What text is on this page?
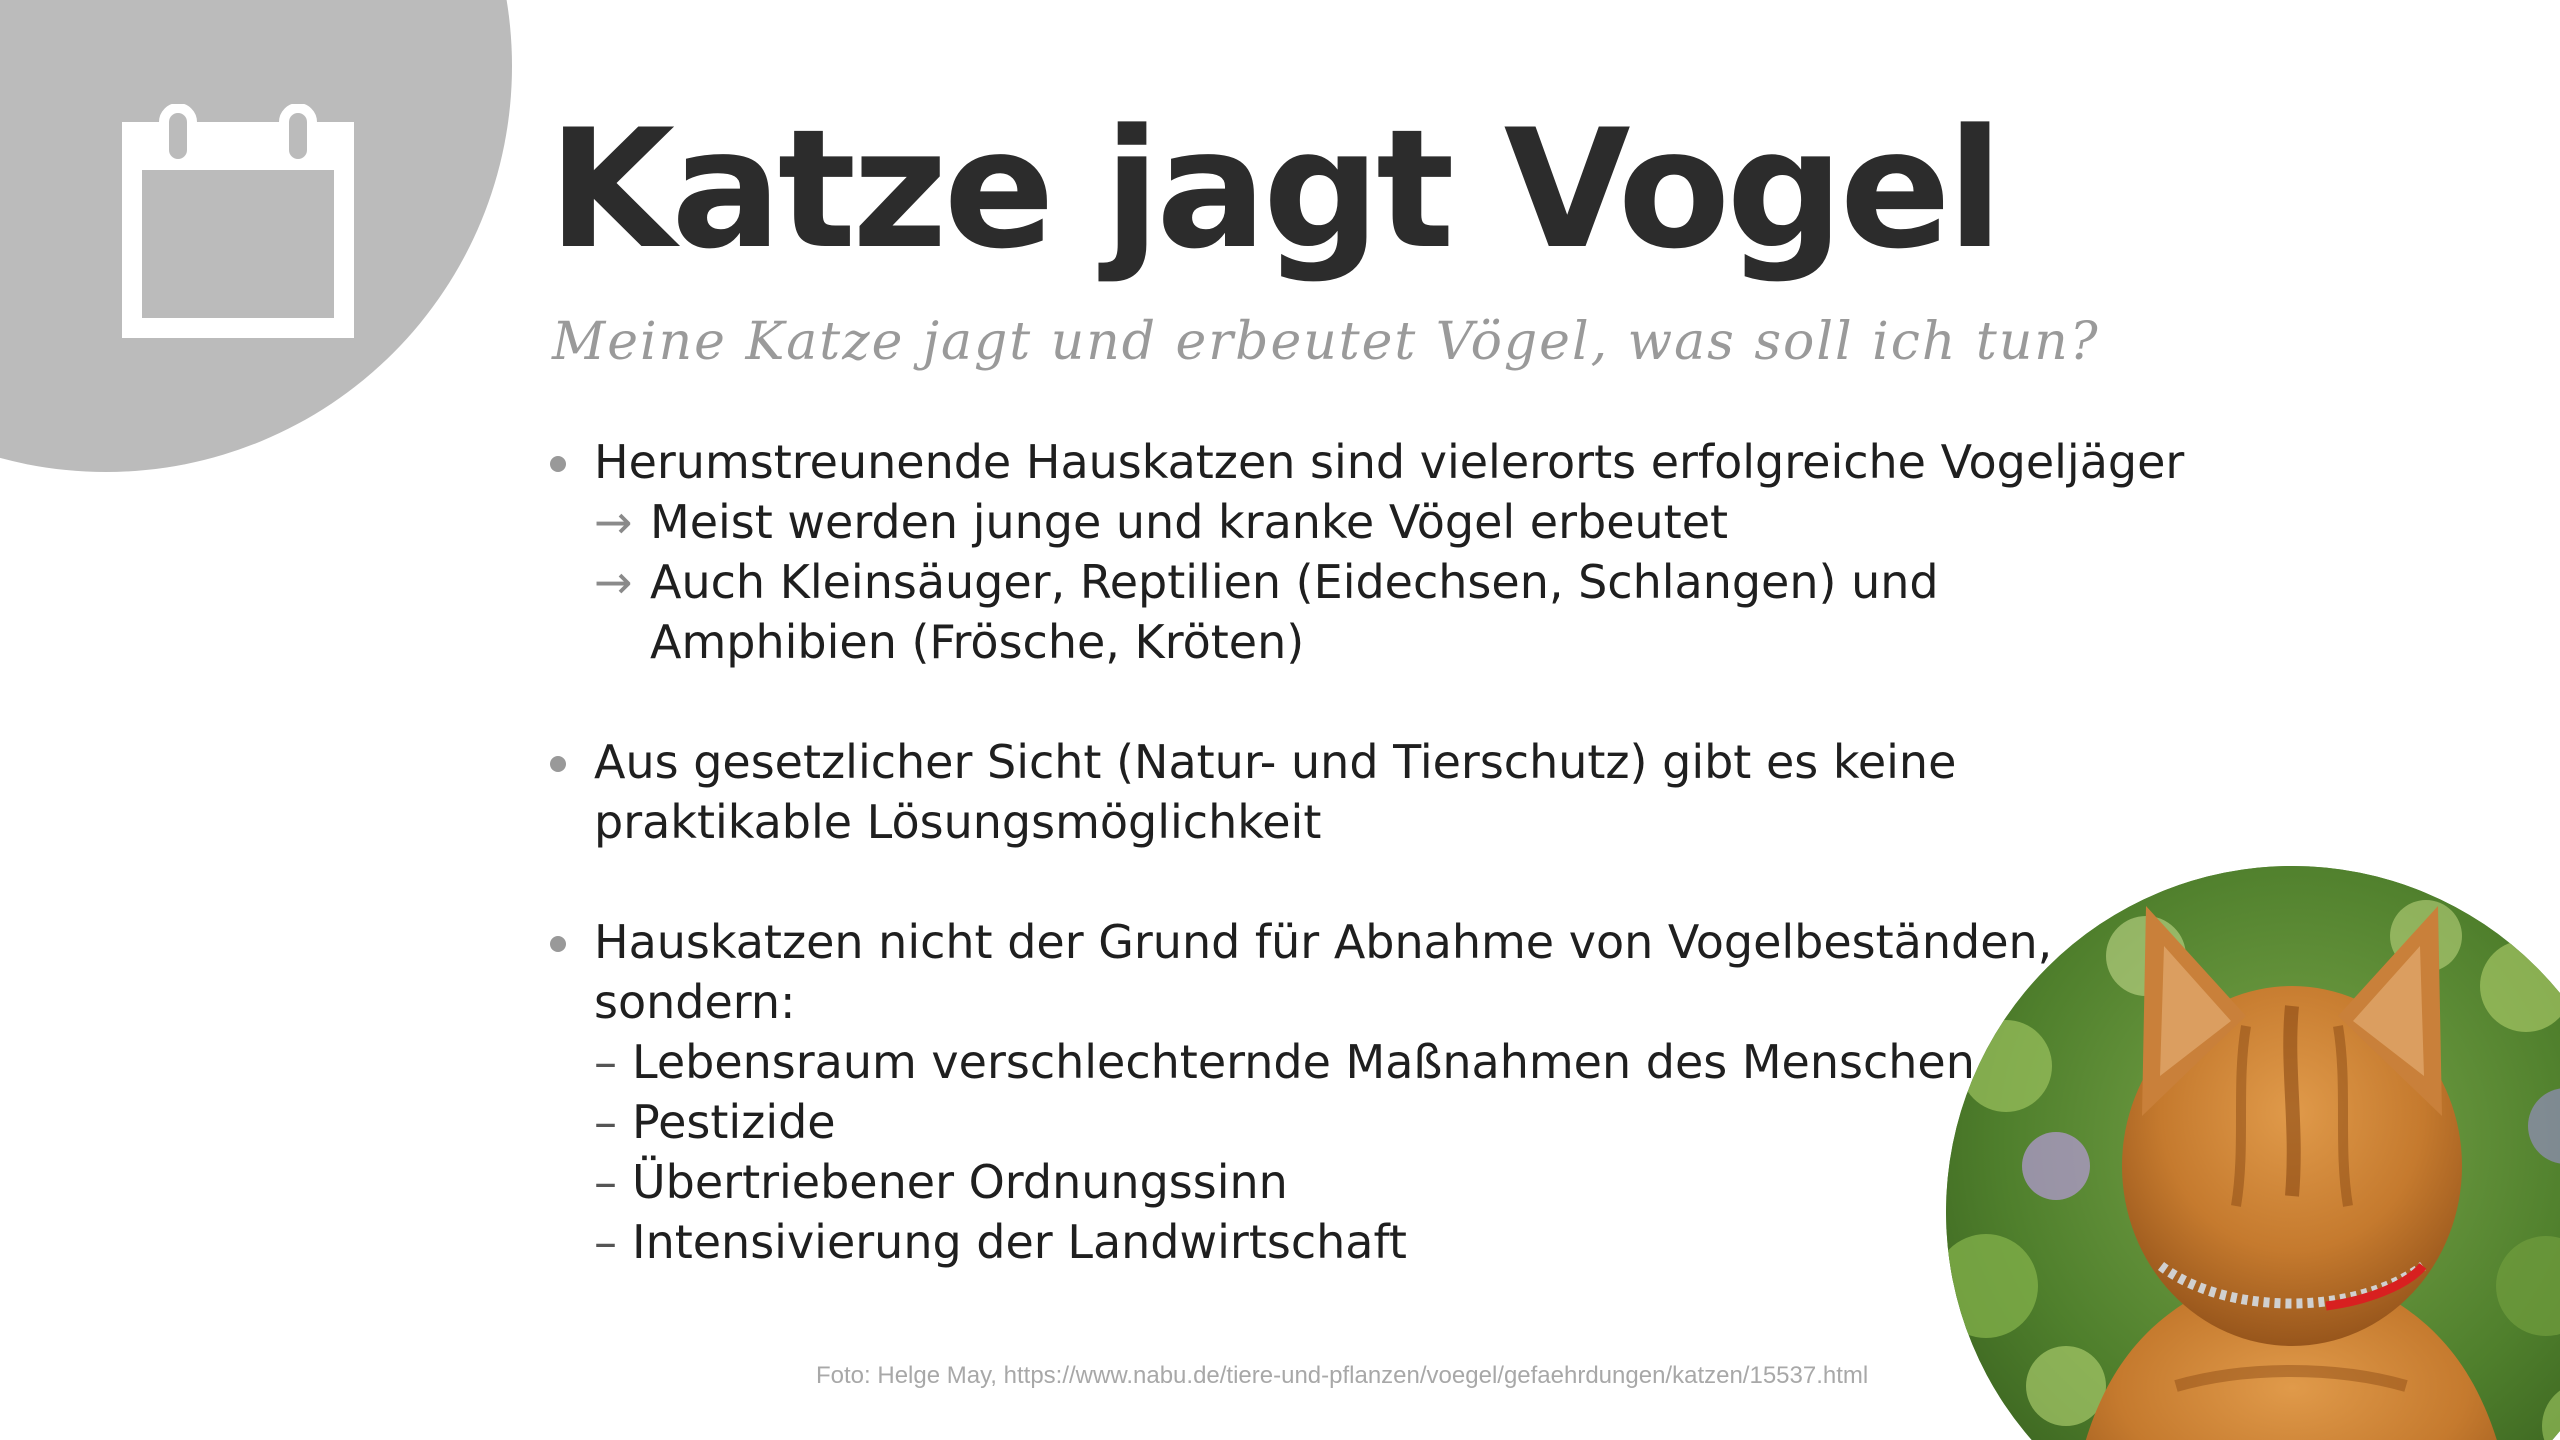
Katze jagt Vogel

Meine Katze jagt und erbeutet Vögel, was soll ich tun?

Herumstreunende Hauskatzen sind vielerorts erfolgreiche Vogeljäger
→ Meist werden junge und kranke Vögel erbeutet
→ Auch Kleinsäuger, Reptilien (Eidechsen, Schlangen) und
Amphibien (Frösche, Kröten)
Aus gesetzlicher Sicht (Natur- und Tierschutz) gibt es keine
praktikable Lösungsmöglichkeit
Hauskatzen nicht der Grund für Abnahme von Vogelbeständen,
sondern:
– Lebensraum verschlechternde Maßnahmen des Menschen
– Pestizide
– Übertriebener Ordnungssinn
– Intensivierung der Landwirtschaft
Foto: Helge May, https://www.nabu.de/tiere-und-pflanzen/voegel/gefaehrdungen/katzen/15537.html
